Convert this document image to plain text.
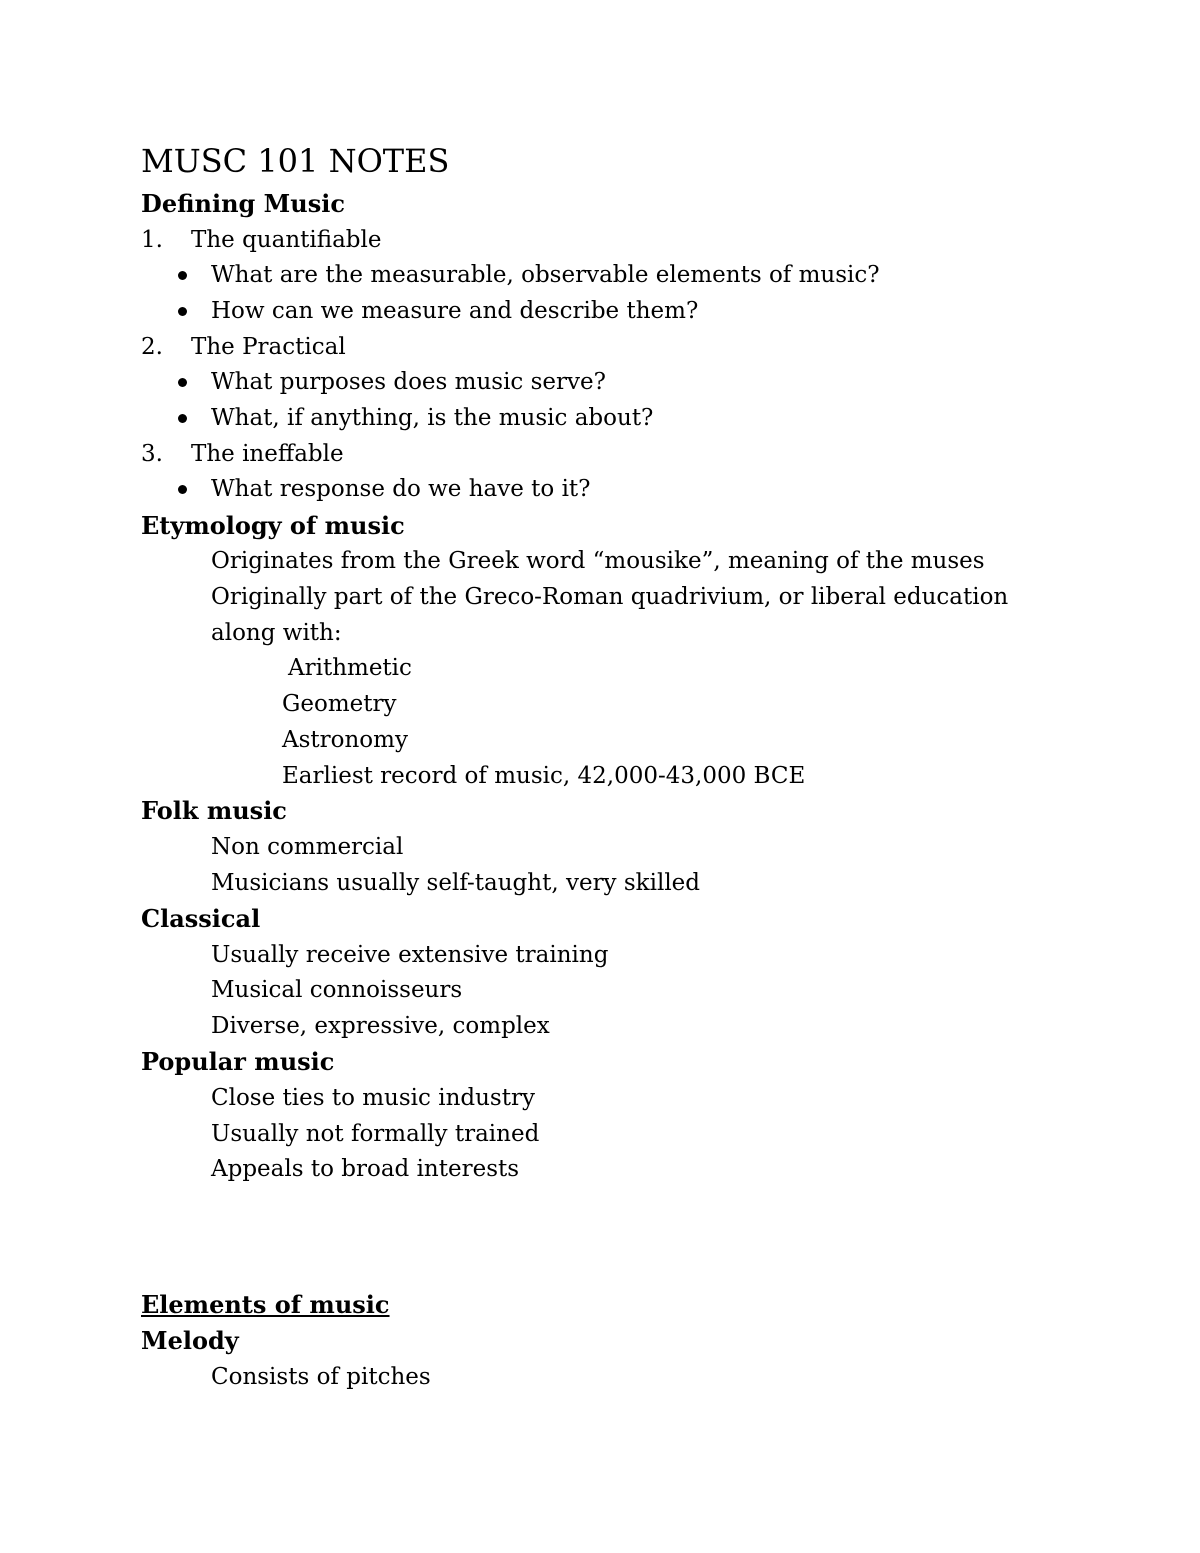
MUSC 101 NOTES
Defining Music
1. The quantifiable
What are the measurable, observable elements of music?
How can we measure and describe them?
2. The Practical
What purposes does music serve?
What, if anything, is the music about?
3. The ineffable
What response do we have to it?
Etymology of music
Originates from the Greek word “mousike”, meaning of the muses
Originally part of the Greco-Roman quadrivium, or liberal education
along with:
Arithmetic
Geometry
Astronomy
Earliest record of music, 42,000-43,000 BCE
Folk music
Non commercial
Musicians usually self-taught, very skilled
Classical
Usually receive extensive training
Musical connoisseurs
Diverse, expressive, complex
Popular music
Close ties to music industry
Usually not formally trained
Appeals to broad interests
Elements of music
Melody
Consists of pitches
